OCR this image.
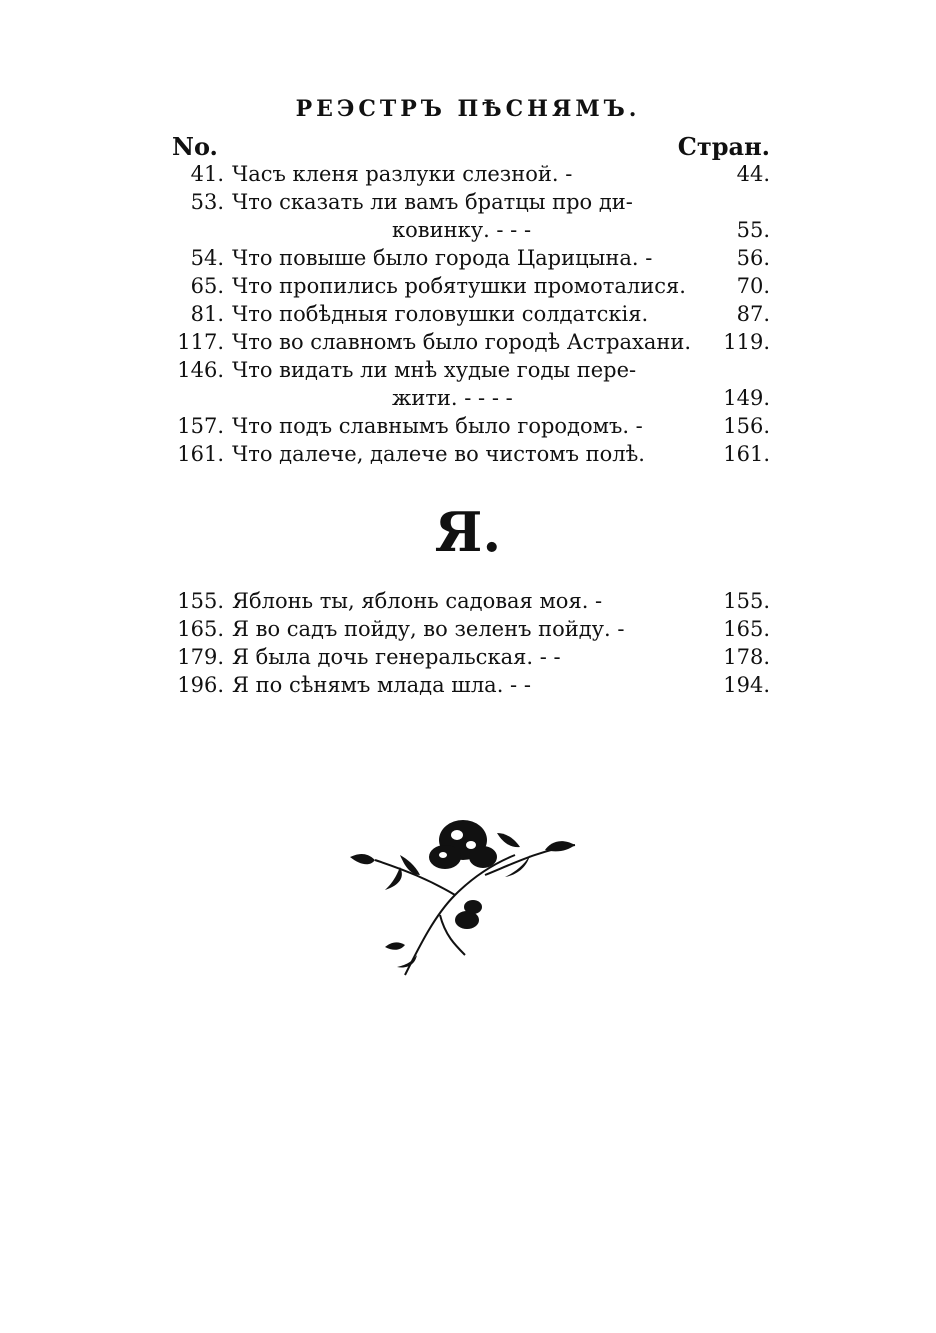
РЕЭСТРЪ ПѢСНЯМЪ.
No.	Стран.
41. Часъ кленя разлуки слезной. -	44.
53. Что сказать ли вамъ братцы про ди-
ковинку. - - -	55.
54. Что повыше было города Царицына. -	56.
65. Что пропились робятушки промоталися.	70.
81. Что побѣдныя головушки солдатскія.	87.
117. Что во славномъ было городѣ Астрахани.	119.
146. Что видать ли мнѣ худые годы пере-
жити. - - - -	149.
157. Что подъ славнымъ было городомъ. -	156.
161. Что далече, далече во чистомъ полѣ.	161.
Я.
155. Яблонь ты, яблонь садовая моя. -	155.
165. Я во садъ пойду, во зеленъ пойду. -	165.
179. Я была дочь генеральская. - -	178.
196. Я по сѣнямъ млада шла. - -	194.
